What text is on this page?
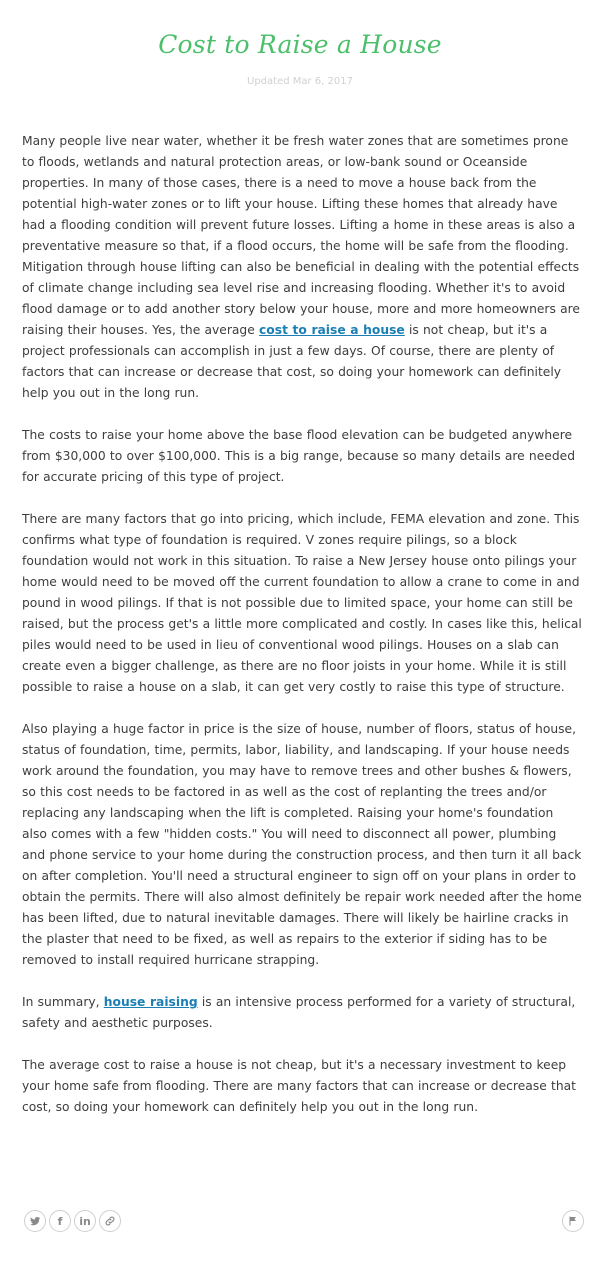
Cost to Raise a House
Updated Mar 6, 2017

Many people live near water, whether it be fresh water zones that are sometimes prone to floods, wetlands and natural protection areas, or low-bank sound or Oceanside properties. In many of those cases, there is a need to move a house back from the potential high-water zones or to lift your house. Lifting these homes that already have had a flooding condition will prevent future losses. Lifting a home in these areas is also a preventative measure so that, if a flood occurs, the home will be safe from the flooding.

Mitigation through house lifting can also be beneficial in dealing with the potential effects of climate change including sea level rise and increasing flooding. Whether it's to avoid flood damage or to add another story below your house, more and more homeowners are raising their houses. Yes, the average cost to raise a house is not cheap, but it's a project professionals can accomplish in just a few days. Of course, there are plenty of factors that can increase or decrease that cost, so doing your homework can definitely help you out in the long run.

The costs to raise your home above the base flood elevation can be budgeted anywhere from $30,000 to over $100,000. This is a big range, because so many details are needed for accurate pricing of this type of project.

There are many factors that go into pricing, which include, FEMA elevation and zone. This confirms what type of foundation is required. V zones require pilings, so a block foundation would not work in this situation. To raise a New Jersey house onto pilings your home would need to be moved off the current foundation to allow a crane to come in and pound in wood pilings. If that is not possible due to limited space, your home can still be raised, but the process get's a little more complicated and costly. In cases like this, helical piles would need to be used in lieu of conventional wood pilings. Houses on a slab can create even a bigger challenge, as there are no floor joists in your home. While it is still possible to raise a house on a slab, it can get very costly to raise this type of structure.

Also playing a huge factor in price is the size of house, number of floors, status of house, status of foundation, time, permits, labor, liability, and landscaping. If your house needs work around the foundation, you may have to remove trees and other bushes & flowers, so this cost needs to be factored in as well as the cost of replanting the trees and/or replacing any landscaping when the lift is completed. Raising your home's foundation also comes with a few "hidden costs." You will need to disconnect all power, plumbing and phone service to your home during the construction process, and then turn it all back on after completion. You'll need a structural engineer to sign off on your plans in order to obtain the permits. There will also almost definitely be repair work needed after the home has been lifted, due to natural inevitable damages. There will likely be hairline cracks in the plaster that need to be fixed, as well as repairs to the exterior if siding has to be removed to install required hurricane strapping.

In summary, house raising is an intensive process performed for a variety of structural, safety and aesthetic purposes.

The average cost to raise a house is not cheap, but it's a necessary investment to keep your home safe from flooding. There are many factors that can increase or decrease that cost, so doing your homework can definitely help you out in the long run.

f	in
